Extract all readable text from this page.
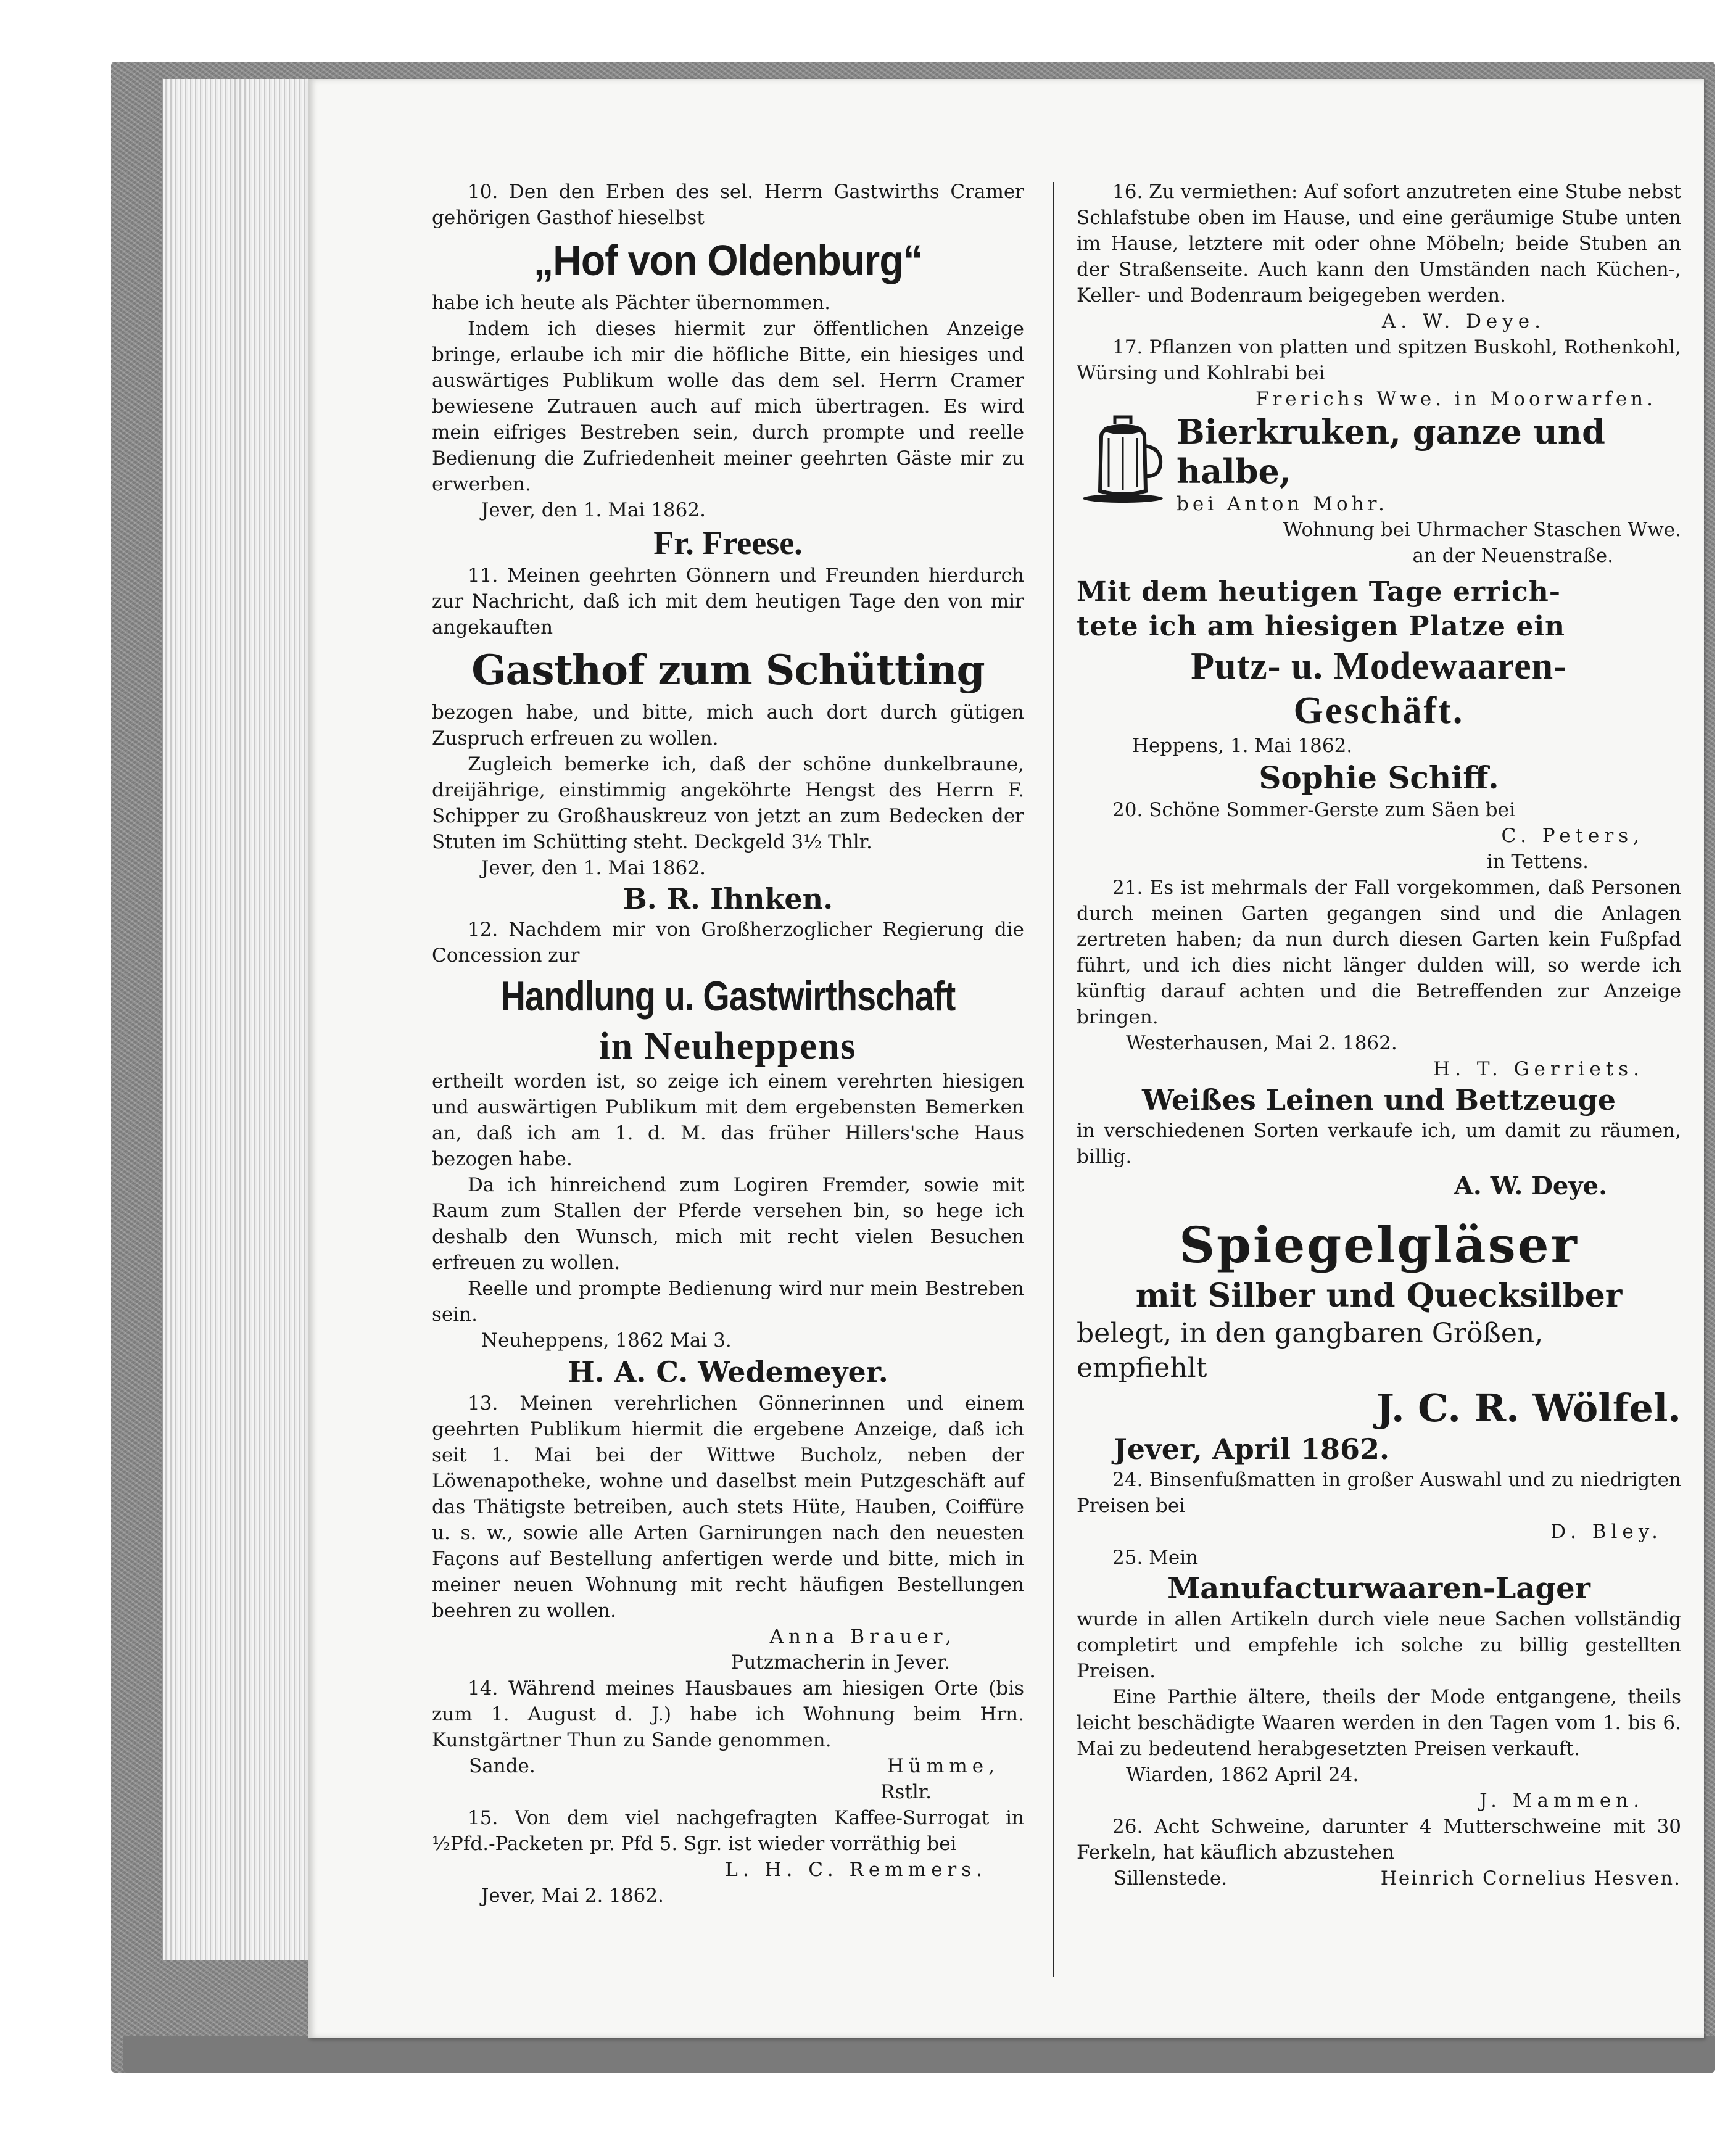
10. Den den Erben des sel. Herrn Gastwirths Cramer gehörigen Gasthof hieselbst

„Hof von Oldenburg“

habe ich heute als Pächter übernommen.

Indem ich dieses hiermit zur öffentlichen Anzeige bringe, erlaube ich mir die höfliche Bitte, ein hiesiges und auswärtiges Publikum wolle das dem sel. Herrn Cramer bewiesene Zutrauen auch auf mich übertragen. Es wird mein eifriges Bestreben sein, durch prompte und reelle Bedienung die Zufriedenheit meiner geehrten Gäste mir zu erwerben.

Jever, den 1. Mai 1862.

Fr. Freese.

11. Meinen geehrten Gönnern und Freunden hierdurch zur Nachricht, daß ich mit dem heutigen Tage den von mir angekauften

Gasthof zum Schütting

bezogen habe, und bitte, mich auch dort durch gütigen Zuspruch erfreuen zu wollen.

Zugleich bemerke ich, daß der schöne dunkelbraune, dreijährige, einstimmig angeköhrte Hengst des Herrn F. Schipper zu Großhauskreuz von jetzt an zum Bedecken der Stuten im Schütting steht. Deckgeld 3½ Thlr.

Jever, den 1. Mai 1862.

B. R. Ihnken.

12. Nachdem mir von Großherzoglicher Regierung die Concession zur

Handlung u. Gastwirthschaft
in Neuheppens

ertheilt worden ist, so zeige ich einem verehrten hiesigen und auswärtigen Publikum mit dem ergebensten Bemerken an, daß ich am 1. d. M. das früher Hillers'sche Haus bezogen habe.

Da ich hinreichend zum Logiren Fremder, sowie mit Raum zum Stallen der Pferde versehen bin, so hege ich deshalb den Wunsch, mich mit recht vielen Besuchen erfreuen zu wollen.

Reelle und prompte Bedienung wird nur mein Bestreben sein.

Neuheppens, 1862 Mai 3.

H. A. C. Wedemeyer.

13. Meinen verehrlichen Gönnerinnen und einem geehrten Publikum hiermit die ergebene Anzeige, daß ich seit 1. Mai bei der Wittwe Bucholz, neben der Löwenapotheke, wohne und daselbst mein Putzgeschäft auf das Thätigste betreiben, auch stets Hüte, Hauben, Coiffüre u. s. w., sowie alle Arten Garnirungen nach den neuesten Façons auf Bestellung anfertigen werde und bitte, mich in meiner neuen Wohnung mit recht häufigen Bestellungen beehren zu wollen.

Anna Brauer,

Putzmacherin in Jever.

14. Während meines Hausbaues am hiesigen Orte (bis zum 1. August d. J.) habe ich Wohnung beim Hrn. Kunstgärtner Thun zu Sande genommen.

Sande.	Hümme,

Rstlr.

15. Von dem viel nachgefragten Kaffee-Surrogat in ½Pfd.-Packeten pr. Pfd 5. Sgr. ist wieder vorräthig bei

L. H. C. Remmers.

Jever, Mai 2. 1862.

16. Zu vermiethen: Auf sofort anzutreten eine Stube nebst Schlafstube oben im Hause, und eine geräumige Stube unten im Hause, letztere mit oder ohne Möbeln; beide Stuben an der Straßenseite. Auch kann den Umständen nach Küchen-, Keller- und Bodenraum beigegeben werden.

A. W. Deye.

17. Pflanzen von platten und spitzen Buskohl, Rothenkohl, Würsing und Kohlrabi bei

Frerichs Wwe. in Moorwarfen.

Bierkruken, ganze und halbe,

bei Anton Mohr.

Wohnung bei Uhrmacher Staschen Wwe.

an der Neuenstraße.

Mit dem heutigen Tage errich-
tete ich am hiesigen Platze ein
Putz- u. Modewaaren-
Geschäft.

Heppens, 1. Mai 1862.

Sophie Schiff.

20. Schöne Sommer-Gerste zum Säen bei

C. Peters,

in Tettens.

21. Es ist mehrmals der Fall vorgekommen, daß Personen durch meinen Garten gegangen sind und die Anlagen zertreten haben; da nun durch diesen Garten kein Fußpfad führt, und ich dies nicht länger dulden will, so werde ich künftig darauf achten und die Betreffenden zur Anzeige bringen.

Westerhausen, Mai 2. 1862.

H. T. Gerriets.

Weißes Leinen und Bettzeuge

in verschiedenen Sorten verkaufe ich, um damit zu räumen, billig.

A. W. Deye.
Spiegelgläser
mit Silber und Quecksilber
belegt, in den gangbaren Größen,
empfiehlt
J. C. R. Wölfel.
Jever, April 1862.

24. Binsenfußmatten in großer Auswahl und zu niedrigten Preisen bei

D. Bley.

25. Mein

Manufacturwaaren-Lager

wurde in allen Artikeln durch viele neue Sachen vollständig completirt und empfehle ich solche zu billig gestellten Preisen.

Eine Parthie ältere, theils der Mode entgangene, theils leicht beschädigte Waaren werden in den Tagen vom 1. bis 6. Mai zu bedeutend herabgesetzten Preisen verkauft.

Wiarden, 1862 April 24.

J. Mammen.

26. Acht Schweine, darunter 4 Mutterschweine mit 30 Ferkeln, hat käuflich abzustehen

Sillenstede.	Heinrich Cornelius Hesven.
